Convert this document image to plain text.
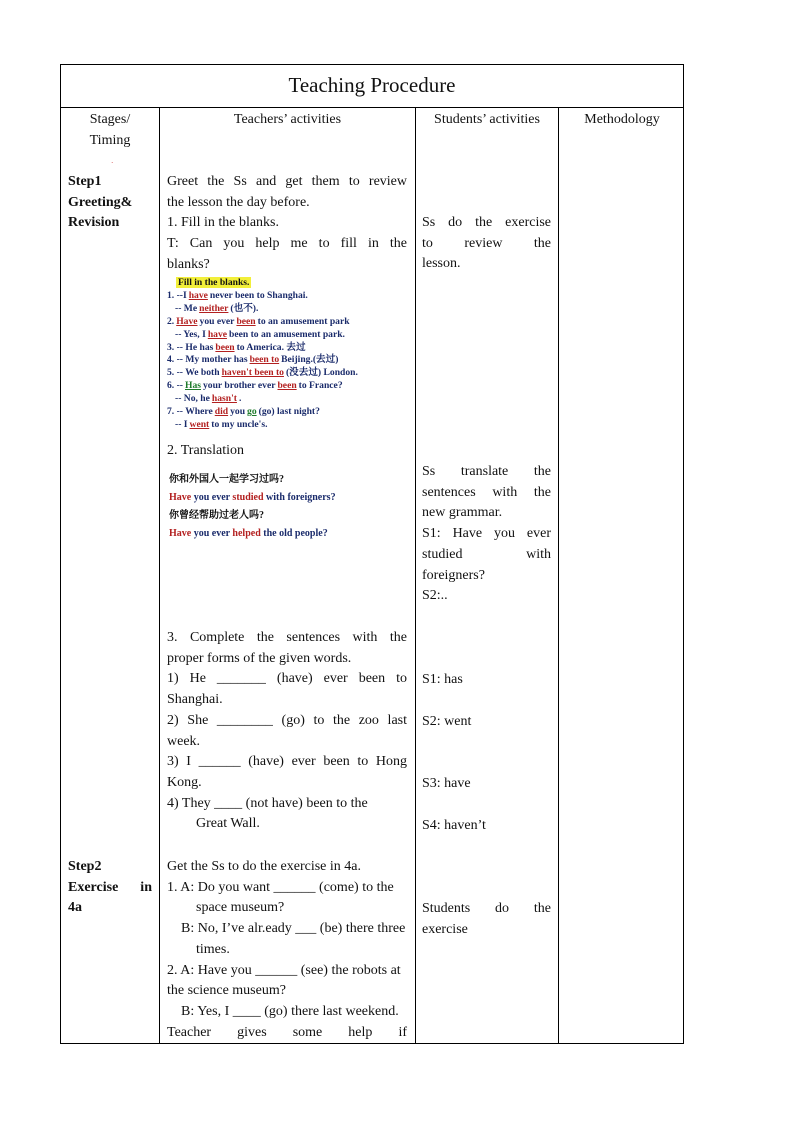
Teaching Procedure
Stages/
Timing
Teachers’ activities	Students’ activities	Methodology
·
Step1
Greeting&
Revision
Greet the Ss and get them to review
the lesson the day before.
1. Fill in the blanks.
T: Can you help me to fill in the
blanks?
Fill in the blanks.
1. --I have never been to Shanghai.
-- Me neither (也不).
2. Have you ever been to an amusement park
-- Yes, I have been to an amusement park.
3. -- He has been to America. 去过
4. -- My mother has been to Beijing.(去过)
5. -- We both haven't been to (没去过) London.
6. -- Has your brother ever been to France?
-- No, he hasn't .
7. -- Where did you go (go) last night?
-- I went to my uncle's.
2. Translation
你和外国人一起学习过吗?
Have you ever studied with foreigners?
你曾经帮助过老人吗?
Have you ever helped the old people?
3. Complete the sentences with the
proper forms of the given words.
1) He _______ (have) ever been to
Shanghai.
2) She ________ (go) to the zoo last
week.
3) I ______ (have) ever been to Hong
Kong.
4) They ____ (not have) been to the
Great Wall.
Ss do the exercise
to review the
lesson.
Ss translate the
sentences with the
new grammar.
S1: Have you ever
studied with
foreigners?
S2:..
S1: has
S2: went
S3: have
S4: haven’t
Step2
Exercise in
4a
Get the Ss to do the exercise in 4a.
1. A: Do you want ______ (come) to the
space museum?
B: No, I’ve alr.eady ___ (be) there three
times.
2. A: Have you ______ (see) the robots at
the science museum?
B: Yes, I ____ (go) there last weekend.
Teacher gives some help if
Students do the
exercise
